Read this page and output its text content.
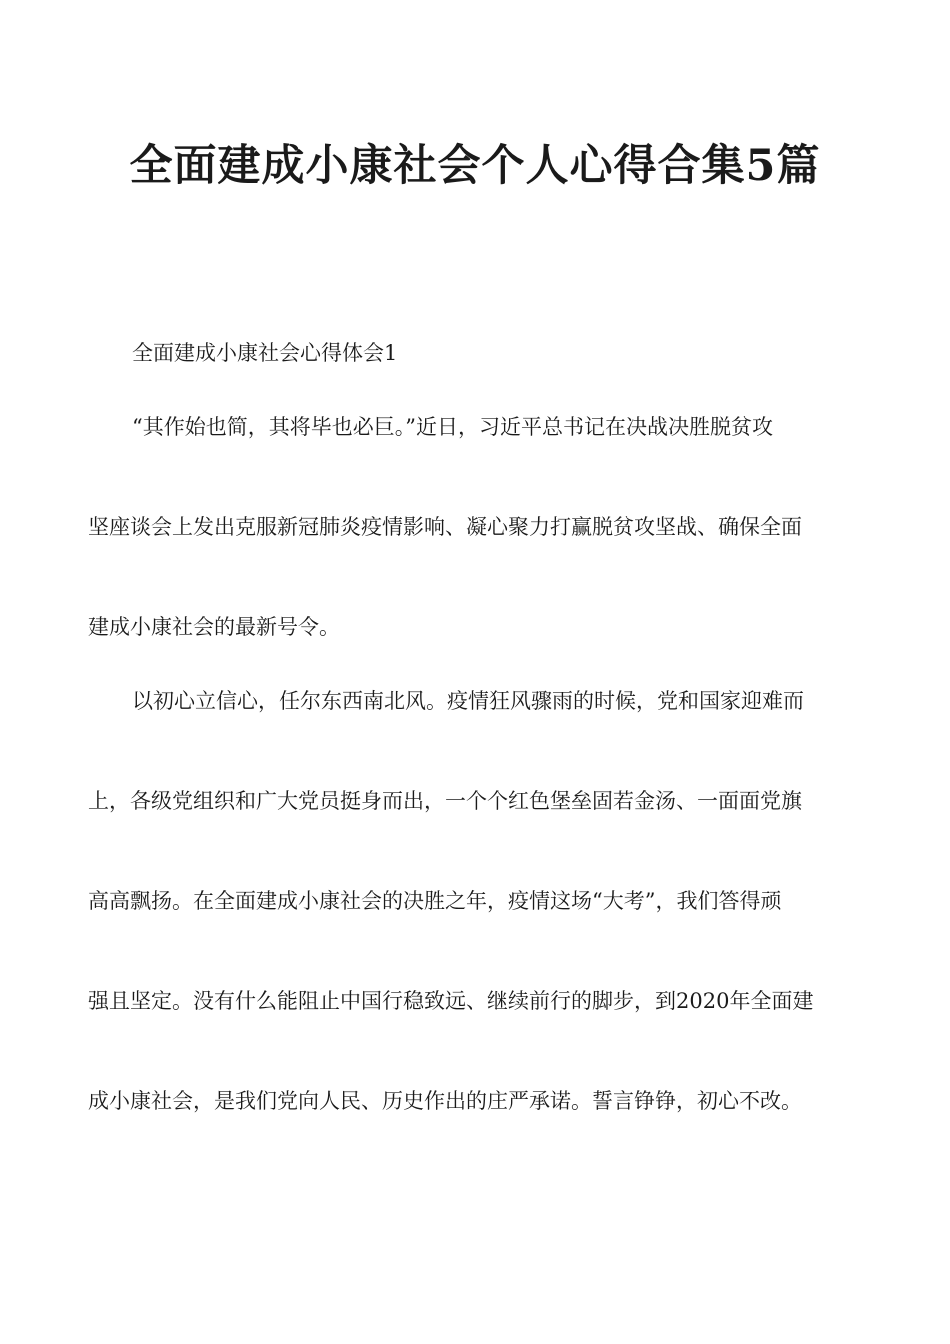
全面建成小康社会个人心得合集5篇

全面建成小康社会心得体会1

“其作始也简，其将毕也必巨。”近日，习近平总书记在决战决胜脱贫攻

坚座谈会上发出克服新冠肺炎疫情影响、凝心聚力打赢脱贫攻坚战、确保全面

建成小康社会的最新号令。

以初心立信心，任尔东西南北风。疫情狂风骤雨的时候，党和国家迎难而

上，各级党组织和广大党员挺身而出，一个个红色堡垒固若金汤、一面面党旗

高高飘扬。在全面建成小康社会的决胜之年，疫情这场“大考”，我们答得顽

强且坚定。没有什么能阻止中国行稳致远、继续前行的脚步，到2020年全面建

成小康社会，是我们党向人民、历史作出的庄严承诺。誓言铮铮，初心不改。
